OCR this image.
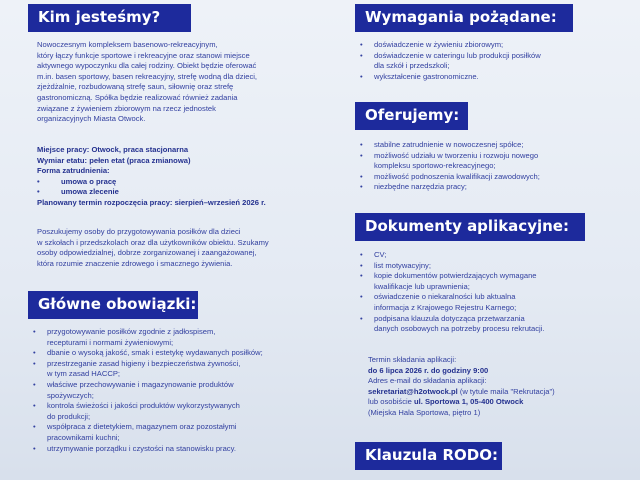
Kim jesteśmy?
Nowoczesnym kompleksem basenowo-rekreacyjnym,
który łączy funkcje sportowe i rekreacyjne oraz stanowi miejsce
aktywnego wypoczynku dla całej rodziny. Obiekt będzie oferować
m.in. basen sportowy, basen rekreacyjny, strefę wodną dla dzieci,
zjeżdżalnie, rozbudowaną strefę saun, siłownię oraz strefę
gastronomiczną. Spółka będzie realizować również zadania
związane z żywieniem zbiorowym na rzecz jednostek
organizacyjnych Miasta Otwock.
Miejsce pracy: Otwock, praca stacjonarna
Wymiar etatu: pełen etat (praca zmianowa)
Forma zatrudnienia:
• umowa o pracę
• umowa zlecenie
Planowany termin rozpoczęcia pracy: sierpień–wrzesień 2026 r.
Poszukujemy osoby do przygotowywania posiłków dla dzieci
w szkołach i przedszkolach oraz dla użytkowników obiektu. Szukamy
osoby odpowiedzialnej, dobrze zorganizowanej i zaangażowanej,
która rozumie znaczenie zdrowego i smacznego żywienia.
Główne obowiązki:
• przygotowywanie posiłków zgodnie z jadłospisem,
recepturami i normami żywieniowymi;
• dbanie o wysoką jakość, smak i estetykę wydawanych posiłków;
• przestrzeganie zasad higieny i bezpieczeństwa żywności,
w tym zasad HACCP;
• właściwe przechowywanie i magazynowanie produktów
spożywczych;
• kontrola świeżości i jakości produktów wykorzystywanych
do produkcji;
• współpraca z dietetykiem, magazynem oraz pozostałymi
pracownikami kuchni;
• utrzymywanie porządku i czystości na stanowisku pracy.
Wymagania pożądane:
• doświadczenie w żywieniu zbiorowym;
• doświadczenie w cateringu lub produkcji posiłków
dla szkół i przedszkoli;
• wykształcenie gastronomiczne.
Oferujemy:
• stabilne zatrudnienie w nowoczesnej spółce;
• możliwość udziału w tworzeniu i rozwoju nowego
kompleksu sportowo-rekreacyjnego;
• możliwość podnoszenia kwalifikacji zawodowych;
• niezbędne narzędzia pracy;
Dokumenty aplikacyjne:
• CV;
• list motywacyjny;
• kopie dokumentów potwierdzających wymagane
kwalifikacje lub uprawnienia;
• oświadczenie o niekaralności lub aktualna
informacja z Krajowego Rejestru Karnego;
• podpisana klauzula dotycząca przetwarzania
danych osobowych na potrzeby procesu rekrutacji.
Termin składania aplikacji:
do 6 lipca 2026 r. do godziny 9:00
Adres e-mail do składania aplikacji:
sekretariat@h2otwock.pl (w tytule maila "Rekrutacja")
lub osobiście ul. Sportowa 1, 05-400 Otwock
(Miejska Hala Sportowa, piętro 1)
Klauzula RODO:
